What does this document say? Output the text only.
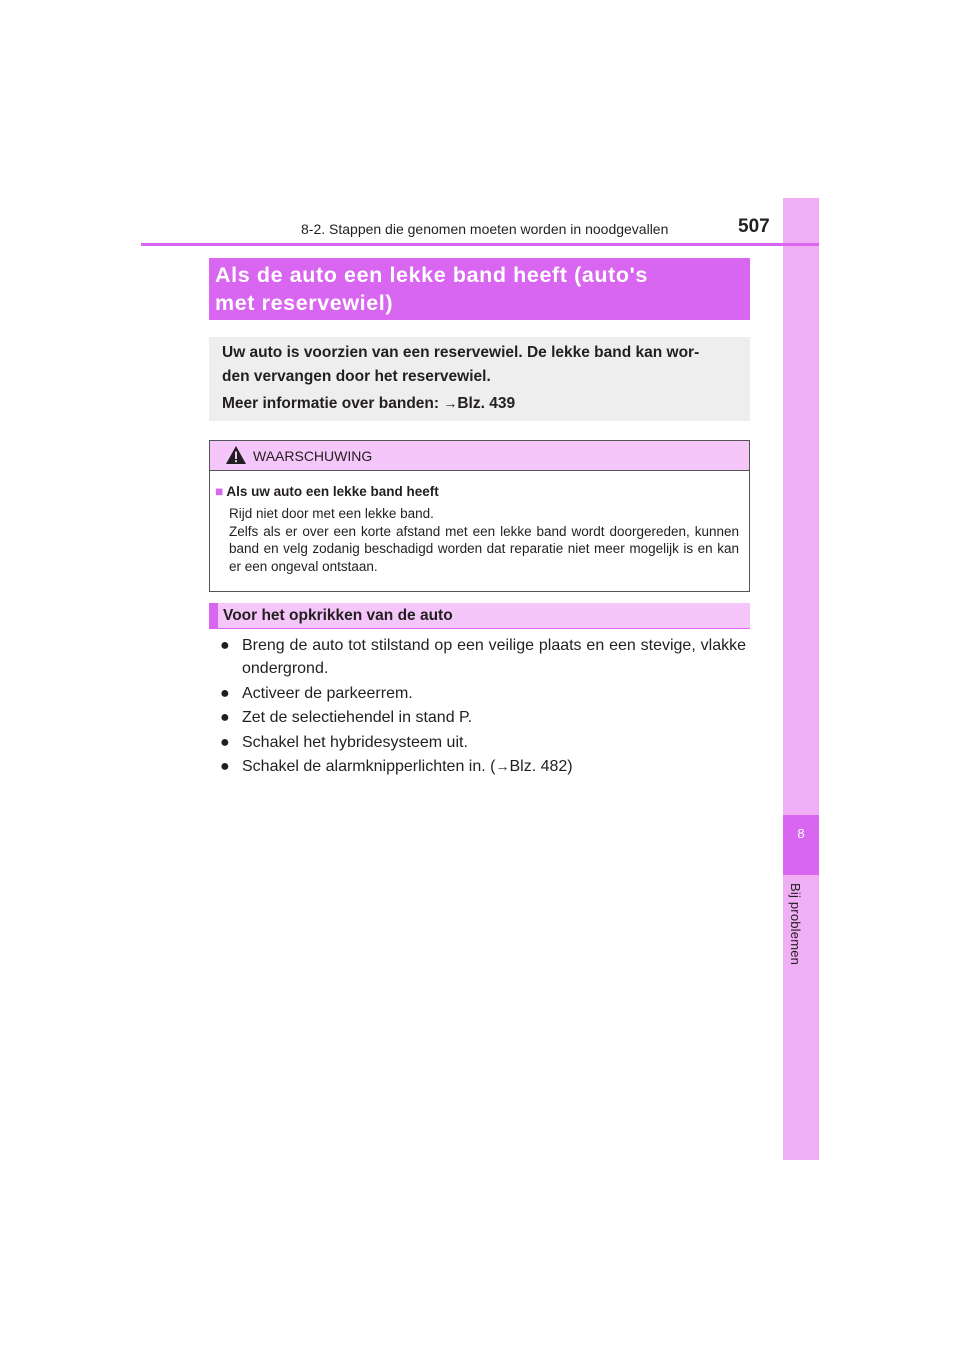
8
Bij problemen
8-2. Stappen die genomen moeten worden in noodgevallen	507
Als de auto een lekke band heeft (auto's
met reservewiel)
Uw auto is voorzien van een reservewiel. De lekke band kan wor-
den vervangen door het reservewiel.
Meer informatie over banden: →Blz. 439
WAARSCHUWING
■ Als uw auto een lekke band heeft

Rijd niet door met een lekke band.

Zelfs als er over een korte afstand met een lekke band wordt doorgereden, kunnen band en velg zodanig beschadigd worden dat reparatie niet meer mogelijk is en kan er een ongeval ontstaan.

Voor het opkrikken van de auto
● Breng de auto tot stilstand op een veilige plaats en een stevige, vlakke ondergrond.
● Activeer de parkeerrem.
● Zet de selectiehendel in stand P.
● Schakel het hybridesysteem uit.
● Schakel de alarmknipperlichten in. (→Blz. 482)
